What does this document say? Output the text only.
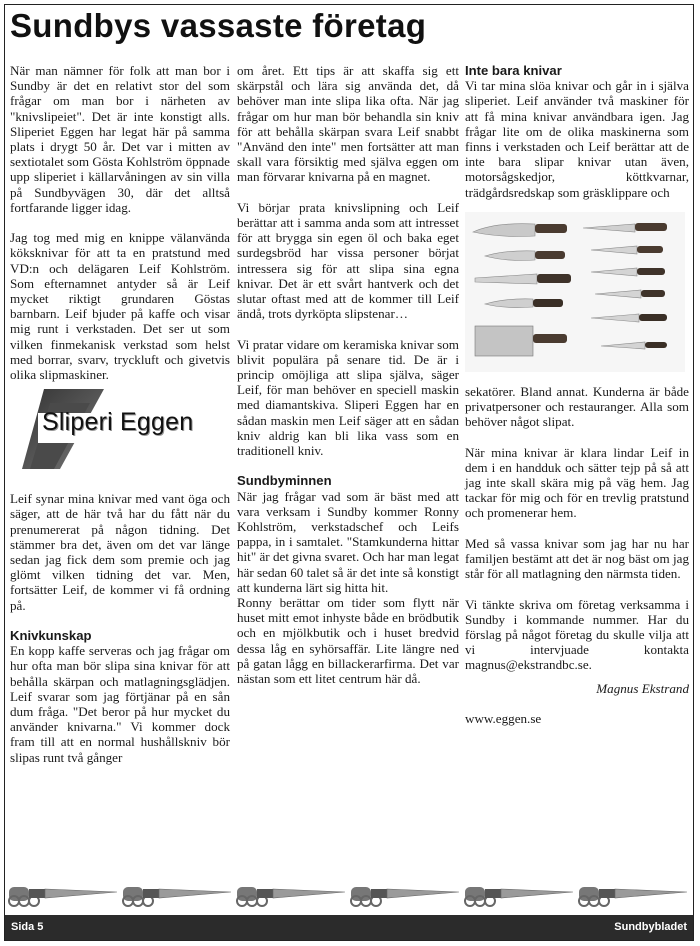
Sundbys vassaste företag

När man nämner för folk att man bor i Sundby är det en relativt stor del som frågar om man bor i närheten av "knivslipeiet". Det är inte konstigt alls. Sliperiet Eggen har legat här på samma plats i drygt 50 år. Det var i mitten av sextiotalet som Gösta Kohlström öppnade upp sliperiet i källarvåningen av sin villa på Sundbyvägen 30, där det alltså fortfarande ligger idag.

Jag tog med mig en knippe välanvända köksknivar för att ta en pratstund med VD:n och delägaren Leif Kohlström. Som efternamnet antyder så är Leif mycket riktigt grundaren Göstas barnbarn. Leif bjuder på kaffe och visar mig runt i verkstaden. Det ser ut som vilken finmekanisk verkstad som helst med borrar, svarv, tryckluft och givetvis olika slipmaskiner.

Sliperi Eggen

Leif synar mina knivar med vant öga och säger, att de här två har du fått när du prenumererat på någon tidning. Det stämmer bra det, även om det var länge sedan jag fick dem som premie och jag glömt vilken tidning det var. Men, fortsätter Leif, de kommer vi få ordning på.

Knivkunskap

En kopp kaffe serveras och jag frågar om hur ofta man bör slipa sina knivar för att behålla skärpan och matlagningsglädjen. Leif svarar som jag förtjänar på en sån dum fråga. "Det beror på hur mycket du använder knivarna." Vi kommer dock fram till att en normal hushållskniv bör slipas runt två gånger

om året. Ett tips är att skaffa sig ett skärpstål och lära sig använda det, då behöver man inte slipa lika ofta. När jag frågar om hur man bör behandla sin kniv för att behålla skärpan svara Leif snabbt "Använd den inte" men fortsätter att man skall vara försiktig med själva eggen om man förvarar knivarna på en magnet.

Vi börjar prata knivslipning och Leif berättar att i samma anda som att intresset för att brygga sin egen öl och baka eget surdegsbröd har vissa personer börjat intressera sig för att slipa sina egna knivar. Det är ett svårt hantverk och det slutar oftast med att de kommer till Leif ändå, trots dyrköpta slipstenar…

Vi pratar vidare om keramiska knivar som blivit populära på senare tid. De är i princip omöjliga att slipa själva, säger Leif, för man behöver en speciell maskin med diamantskiva. Sliperi Eggen har en sådan maskin men Leif säger att en sådan kniv aldrig kan bli lika vass som en traditionell kniv.

Sundbyminnen

När jag frågar vad som är bäst med att vara verksam i Sundby kommer Ronny Kohlström, verkstadschef och Leifs pappa, in i samtalet. "Stamkunderna hittar hit" är det givna svaret. Och har man legat här sedan 60 talet så är det inte så konstigt att kunderna lärt sig hitta hit.

Ronny berättar om tider som flytt när huset mitt emot inhyste både en brödbutik och en mjölkbutik och i huset bredvid dessa låg en syhörsaffär. Lite längre ned på gatan lågg en billackerarfirma. Det var nästan som ett litet centrum här då.

Inte bara knivar

Vi tar mina slöa knivar och går in i själva sliperiet. Leif använder två maskiner för att få mina knivar användbara igen. Jag frågar lite om de olika maskinerna som finns i verkstaden och Leif berättar att de inte bara slipar knivar utan även, motorsågskedjor, köttkvarnar, trädgårdsredskap som gräsklippare och

sekatörer. Bland annat. Kunderna är både privatpersoner och restauranger. Alla som behöver något slipat.

När mina knivar är klara lindar Leif in dem i en handduk och sätter tejp på så att jag inte skall skära mig på väg hem. Jag tackar för mig och för en trevlig pratstund och promenerar hem.

Med så vassa knivar som jag har nu har familjen bestämt att det är nog bäst om jag står för all matlagning den närmsta tiden.

Vi tänkte skriva om företag verksamma i Sundby i kommande nummer. Har du förslag på något företag du skulle vilja att vi intervjuade kontakta magnus@ekstrandbc.se.

Magnus Ekstrand

www.eggen.se

Sida 5	Sundbybladet
